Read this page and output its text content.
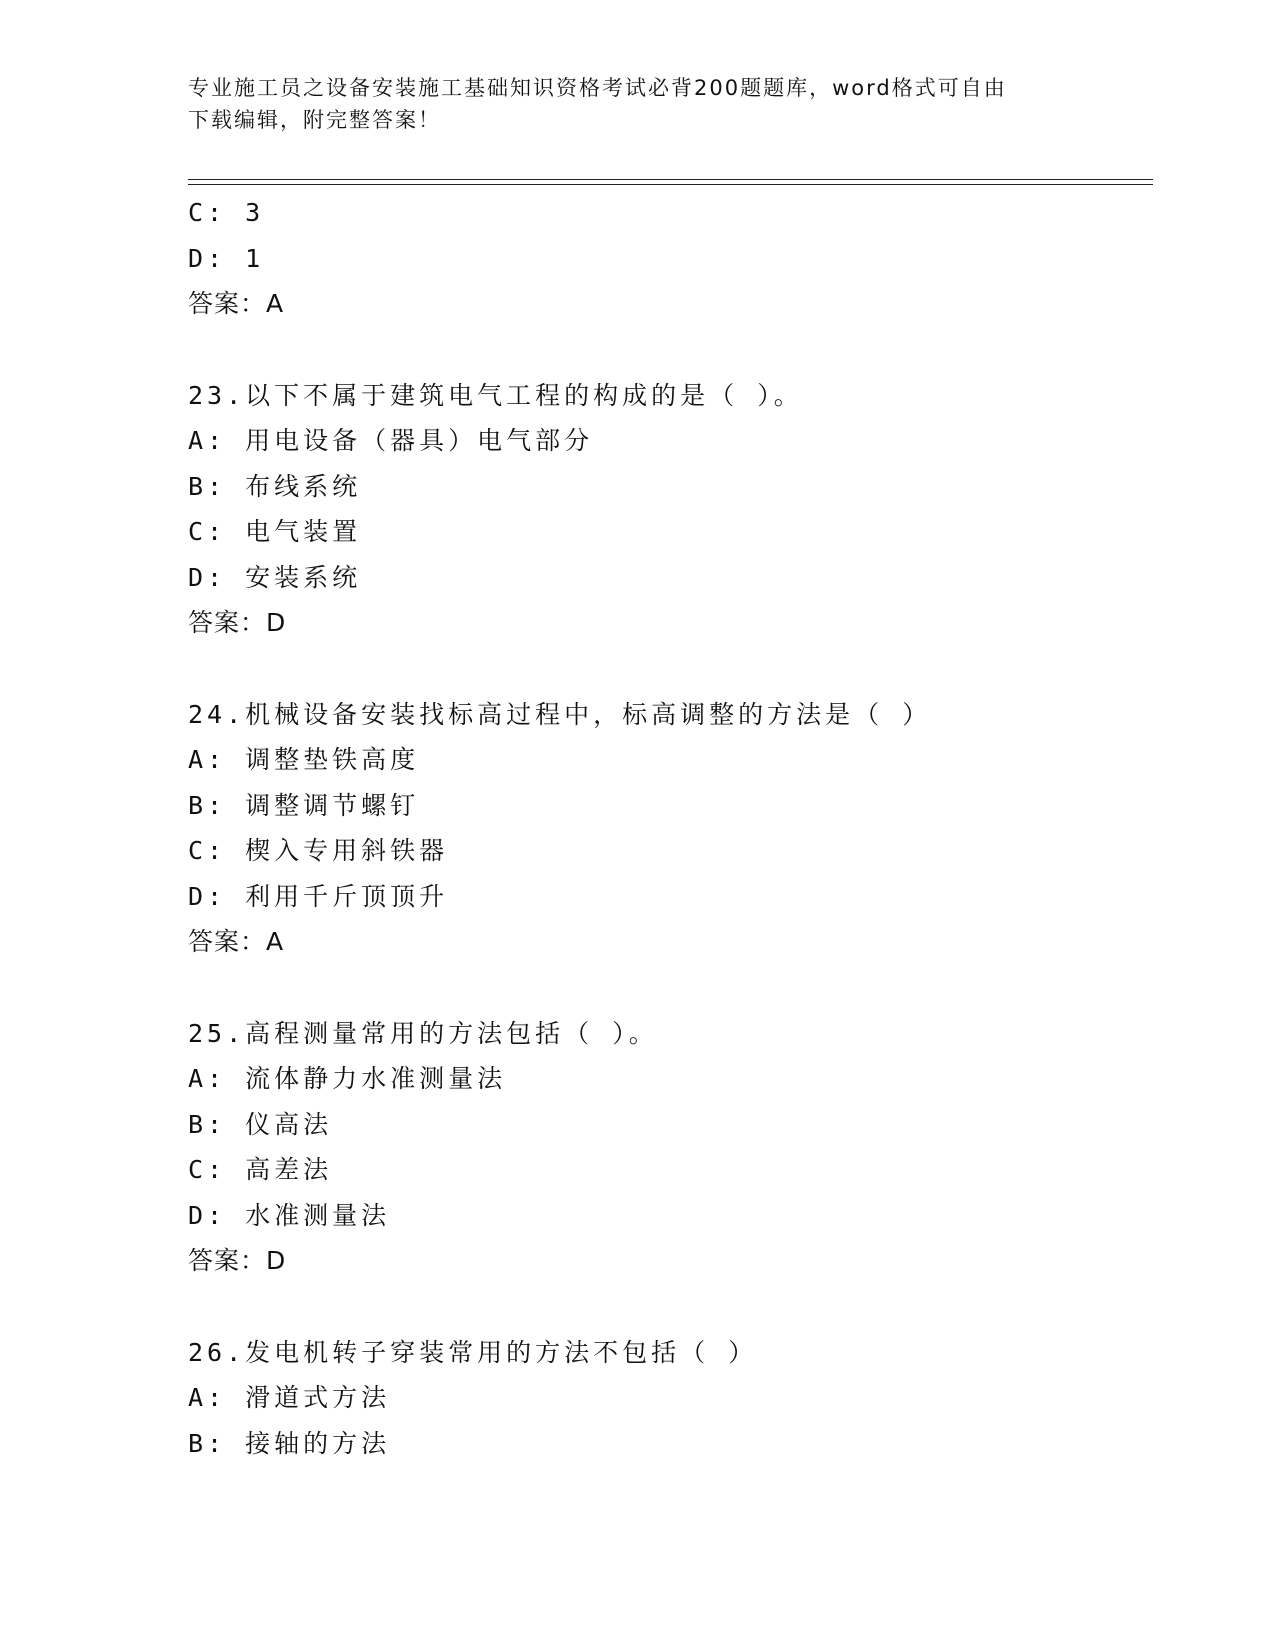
专业施工员之设备安装施工基础知识资格考试必背200题题库，word格式可自由
下载编辑，附完整答案！
C: 3
D: 1
答案：A
23.以下不属于建筑电气工程的构成的是（ ）。
A: 用电设备（器具）电气部分
B: 布线系统
C: 电气装置
D: 安装系统
答案：D
24.机械设备安装找标高过程中，标高调整的方法是（ ）
A: 调整垫铁高度
B: 调整调节螺钉
C: 楔入专用斜铁器
D: 利用千斤顶顶升
答案：A
25.高程测量常用的方法包括（ ）。
A: 流体静力水准测量法
B: 仪高法
C: 高差法
D: 水准测量法
答案：D
26.发电机转子穿装常用的方法不包括（ ）
A: 滑道式方法
B: 接轴的方法
